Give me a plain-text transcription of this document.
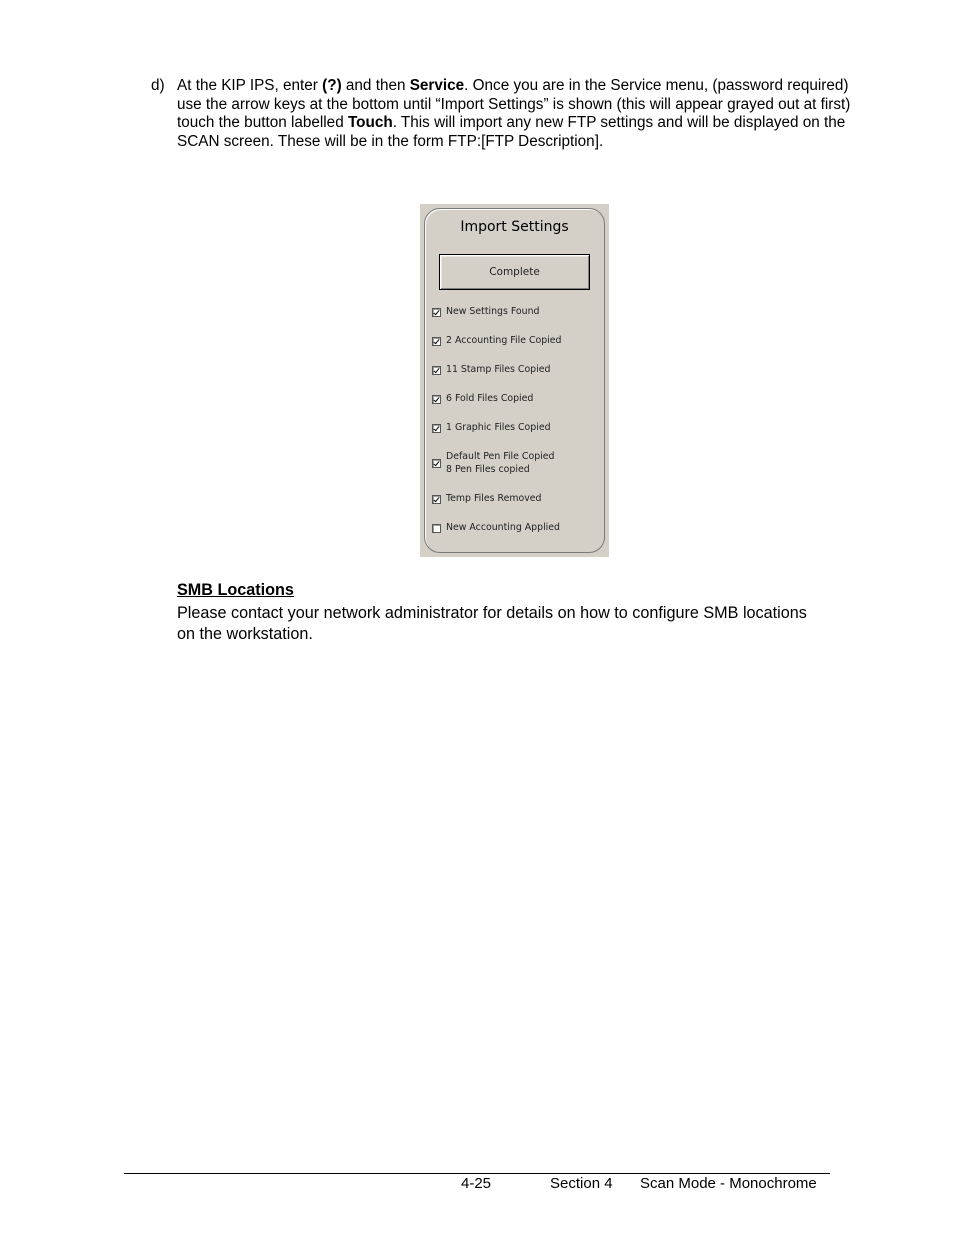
d) At the KIP IPS, enter (?) and then Service. Once you are in the Service menu, (password required) use the arrow keys at the bottom until “Import Settings” is shown (this will appear grayed out at first) touch the button labelled Touch. This will import any new FTP settings and will be displayed on the SCAN screen. These will be in the form FTP:[FTP Description].
Import Settings
Complete
New Settings Found
2 Accounting File Copied
11 Stamp Files Copied
6 Fold Files Copied
1 Graphic Files Copied
Default Pen File Copied
8 Pen Files copied
Temp Files Removed
New Accounting Applied
SMB Locations
Please contact your network administrator for details on how to configure SMB locations on the workstation.
4-25	Section 4 Scan Mode - Monochrome
